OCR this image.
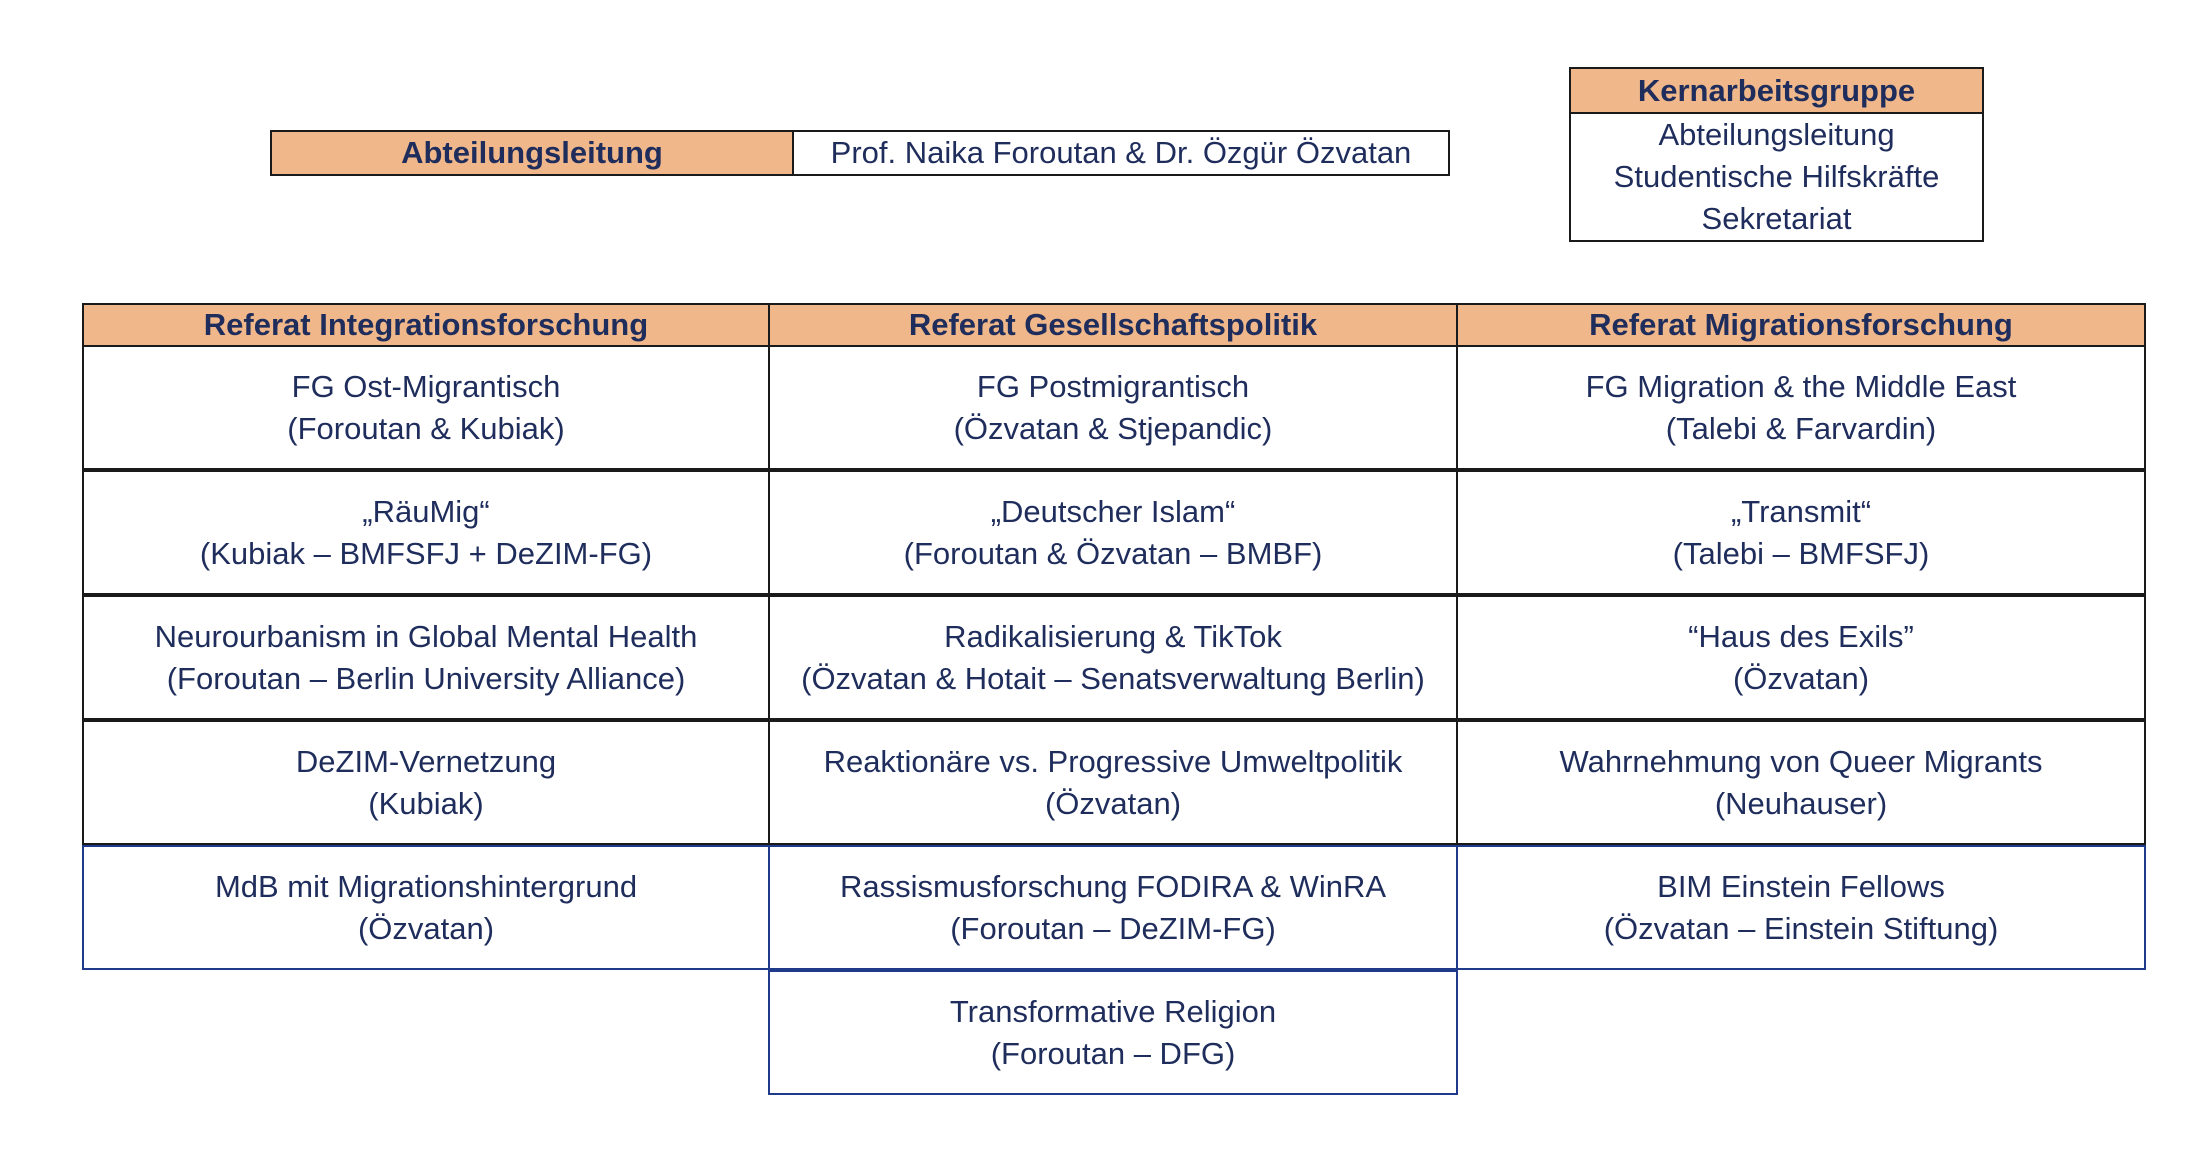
Abteilungsleitung	Prof. Naika Foroutan & Dr. Özgür Özvatan
Kernarbeitsgruppe
Abteilungsleitung
Studentische Hilfskräfte
Sekretariat
Referat Integrationsforschung
FG Ost-Migrantisch
(Foroutan & Kubiak)
„RäuMig“
(Kubiak – BMFSFJ + DeZIM-FG)
Neurourbanism in Global Mental Health
(Foroutan – Berlin University Alliance)
DeZIM-Vernetzung
(Kubiak)
MdB mit Migrationshintergrund
(Özvatan)
Referat Gesellschaftspolitik
FG Postmigrantisch
(Özvatan & Stjepandic)
„Deutscher Islam“
(Foroutan & Özvatan – BMBF)
Radikalisierung & TikTok
(Özvatan & Hotait – Senatsverwaltung Berlin)
Reaktionäre vs. Progressive Umweltpolitik
(Özvatan)
Rassismusforschung FODIRA & WinRA
(Foroutan – DeZIM-FG)
Transformative Religion
(Foroutan – DFG)
Referat Migrationsforschung
FG Migration & the Middle East
(Talebi & Farvardin)
„Transmit“
(Talebi – BMFSFJ)
“Haus des Exils”
(Özvatan)
Wahrnehmung von Queer Migrants
(Neuhauser)
BIM Einstein Fellows
(Özvatan – Einstein Stiftung)
